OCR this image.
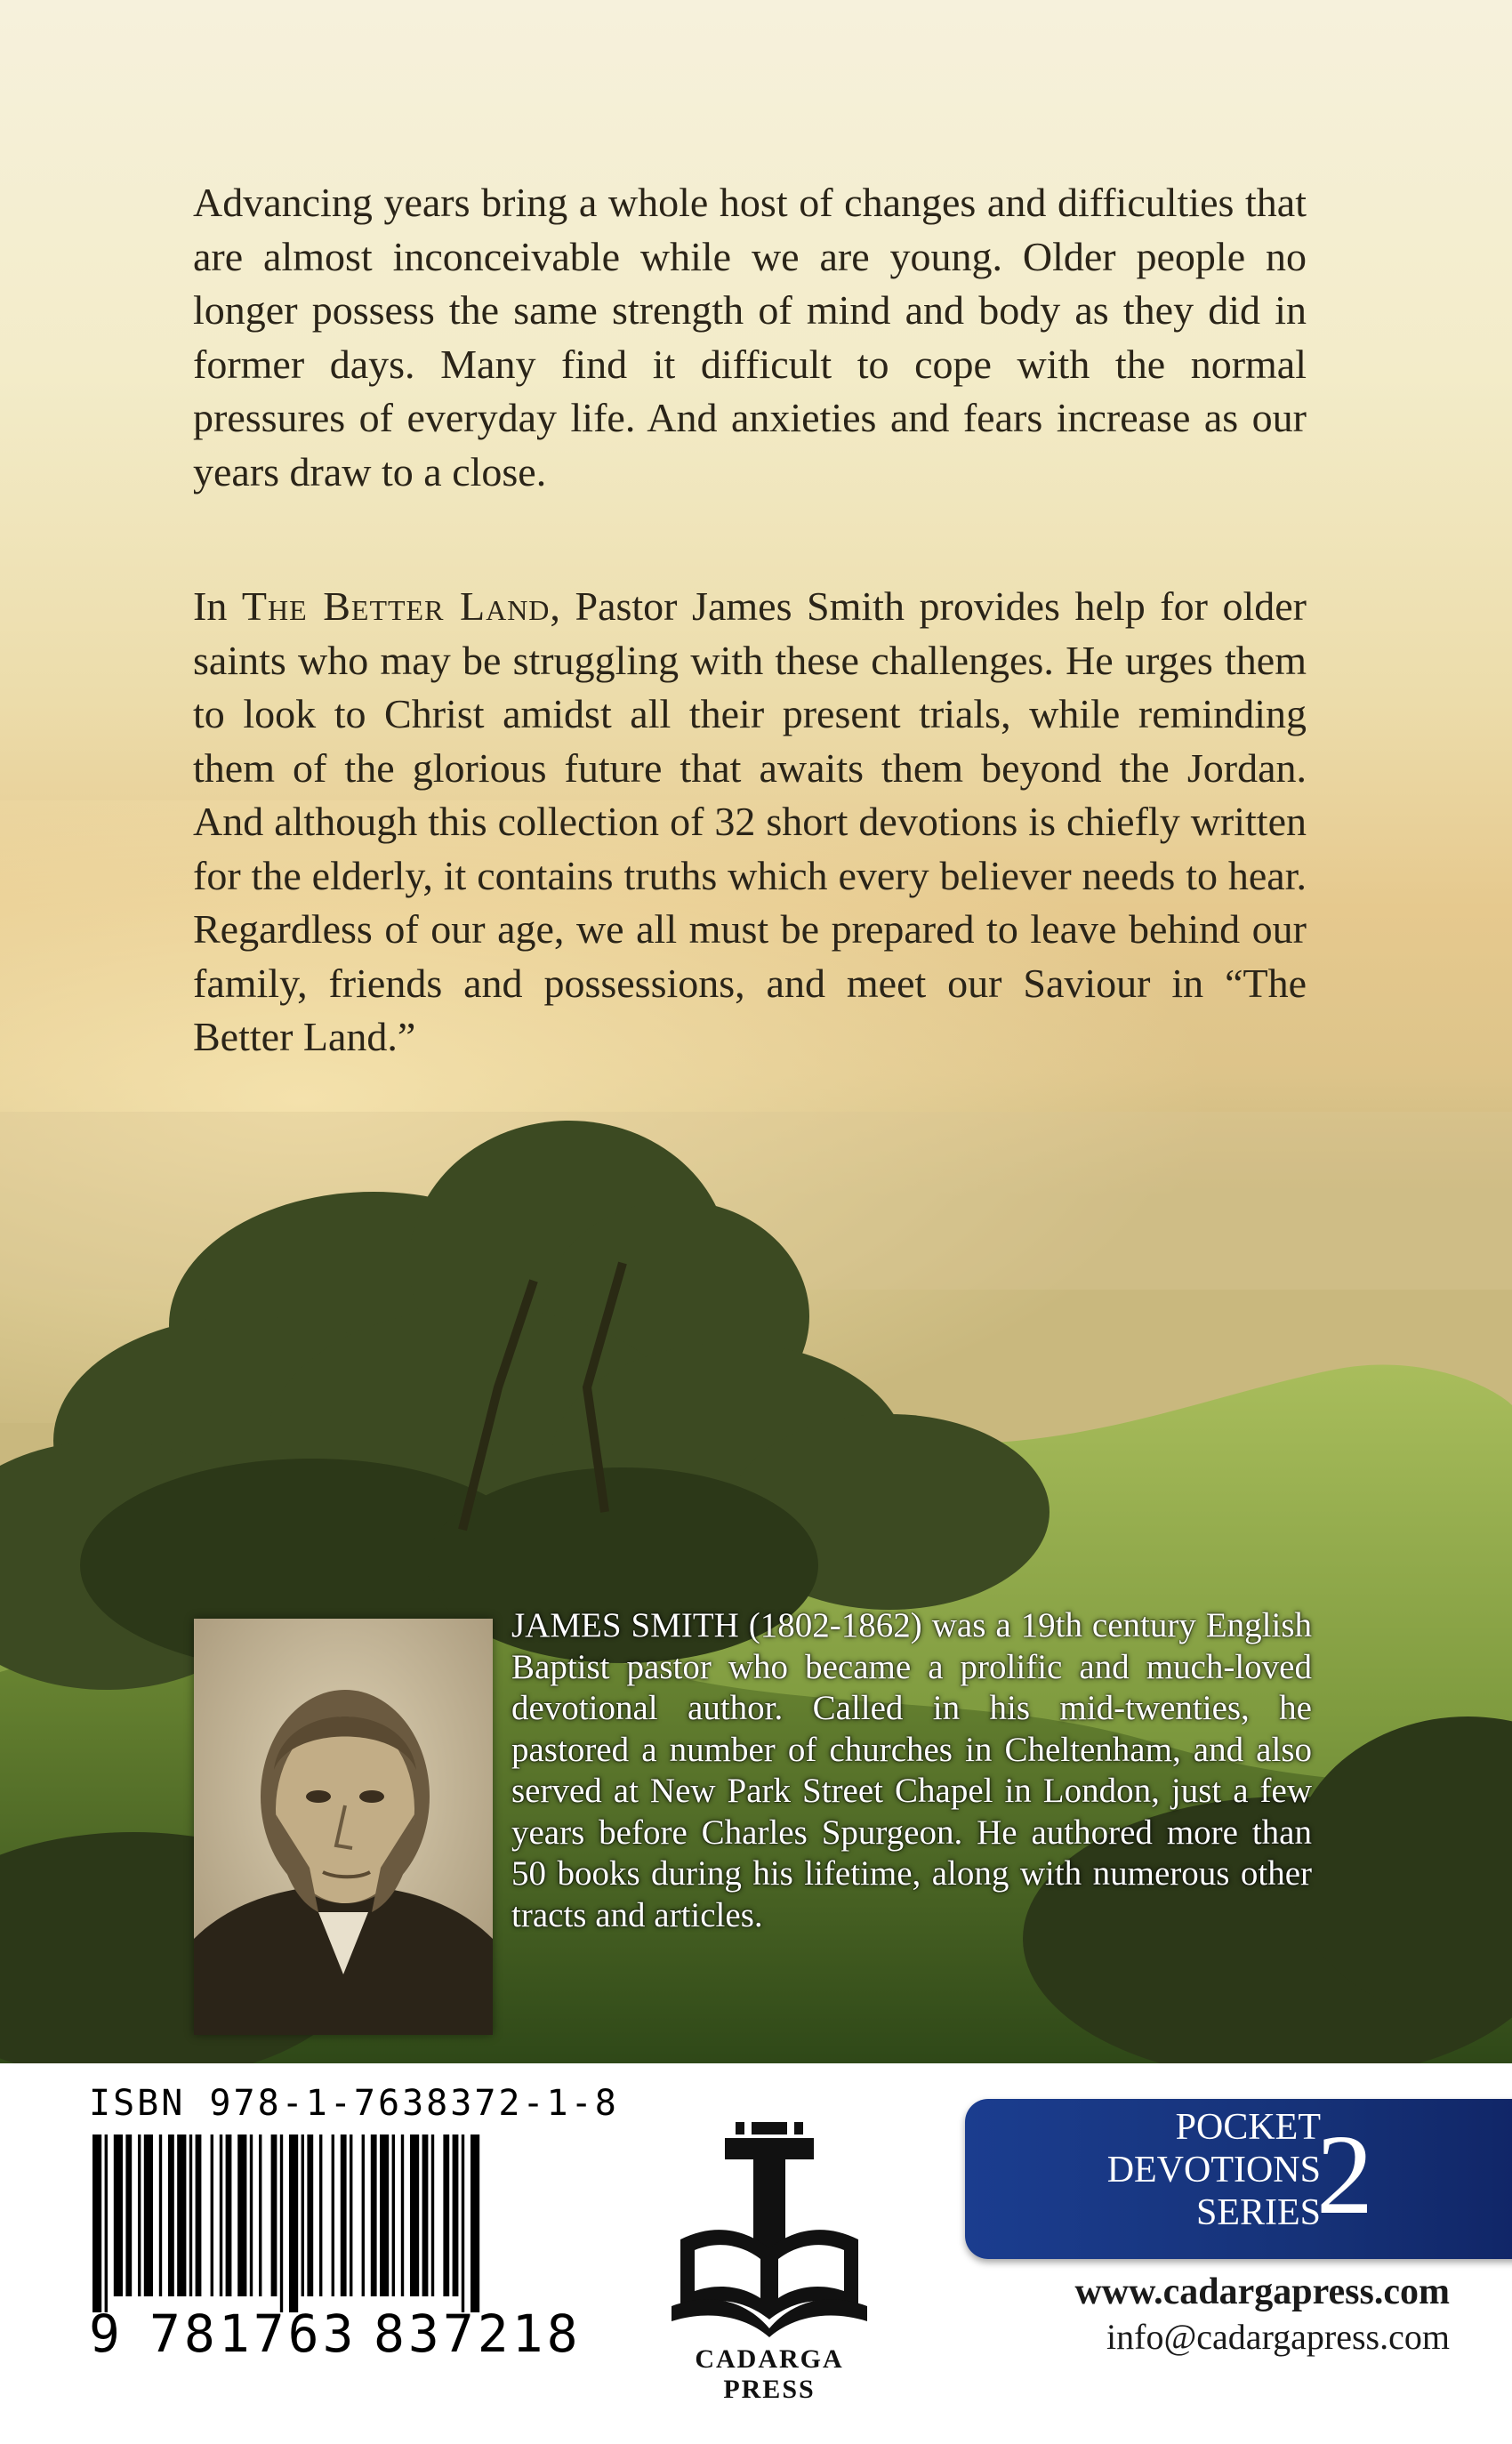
Advancing years bring a whole host of changes and difficulties that are almost inconceivable while we are young. Older people no longer possess the same strength of mind and body as they did in former days. Many find it difficult to cope with the normal pressures of everyday life. And anxieties and fears increase as our years draw to a close.

In The Better Land, Pastor James Smith provides help for older saints who may be struggling with these challenges. He urges them to look to Christ amidst all their present trials, while reminding them of the glorious future that awaits them beyond the Jordan. And although this collection of 32 short devotions is chiefly written for the elderly, it contains truths which every believer needs to hear. Regardless of our age, we all must be prepared to leave behind our family, friends and possessions, and meet our Saviour in “The Better Land.”

JAMES SMITH (1802-1862) was a 19th century English Baptist pastor who became a prolific and much-loved devotional author. Called in his mid-twenties, he pastored a number of churches in Cheltenham, and also served at New Park Street Chapel in London, just a few years before Charles Spurgeon. He authored more than 50 books during his lifetime, along with numerous other tracts and articles.

ISBN 978-1-7638372-1-8
9 781763 837218	CADARGA
PRESS
POCKET
DEVOTIONS
SERIES
2
www.cadargapress.com
info@cadargapress.com
